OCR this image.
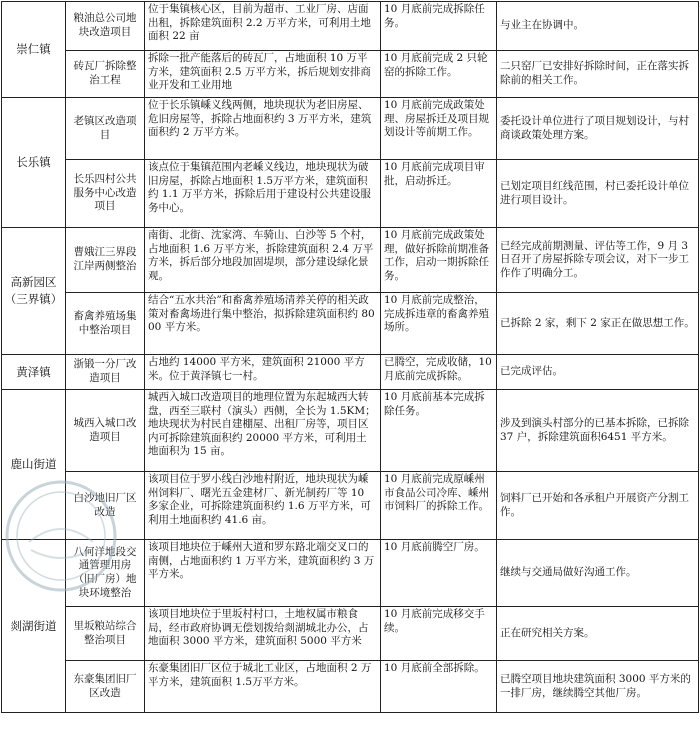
崇仁镇	粮油总公司地块改造项目	位于集镇核心区，目前为超市、工业厂房、店面出租，拆除建筑面积 2.2 万平方米，可利用土地面积 22 亩	10 月底前完成拆除任务。	与业主在协调中。
	砖瓦厂拆除整治工程	拆除一批产能落后的砖瓦厂，占地面积 10 万平方米，建筑面积 2.5 万平方米，拆后规划安排商业开发和工业用地	10 月底前完成 2 只轮窑的拆除工作。	二只窑厂已安排好拆除时间，正在落实拆除前的相关工作。
长乐镇	老镇区改造项目	位于长乐镇嵊义线两侧，地块现状为老旧房屋、危旧房屋等，拆除占地面积约 3 万平方米，建筑面积约 2 万平方米。	10 月底前完成政策处理、房屋拆迁及项目规划设计等前期工作。	委托设计单位进行了项目规划设计，与村商谈政策处理方案。
	长乐四村公共服务中心改造项目	该点位于集镇范围内老嵊义线边，地块现状为破旧房屋，拆除占地面积 1.5万平方米，建筑面积约 1.1 万平方米，拆除后用于建设村公共建设服务中心。	10 月底前完成项目审批，启动拆迁。	已划定项目红线范围，村已委托设计单位进行项目设计。
高新园区（三界镇）	曹娥江三界段江岸两侧整治	南街、北街、沈家湾、车骑山、白沙等 5 个村，占地面积 1.6 万平方米，拆除建筑面积 2.4 万平方米，拆后部分地段加固堤坝，部分建设绿化景观。	10 月底前完成政策处理，做好拆除前期准备工作，启动一期拆除任务。	已经完成前期测量、评估等工作，9 月 3 日召开了房屋拆除专项会议，对下一步工作作了明确分工。
	畜禽养殖场集中整治项目	结合“五水共治”和畜禽养殖场清养关停的相关政策对畜禽场进行集中整治，拟拆除建筑面积约 8000 平方米。	10 月底前完成整治，完成拆违章的畜禽养殖场所。	已拆除 2 家，剩下 2 家正在做思想工作。
黄泽镇	浙锻一分厂改造项目	占地约 14000 平方米，建筑面积 21000 平方米。位于黄泽镇七一村。	已腾空，完成收储，10 月底前完成拆除。	已完成评估。
鹿山街道	城西入城口改造项目	城西入城口改造项目的地理位置为东起城西大转盘，西至三联村（演头）西侧，全长为 1.5KM；地块现状为村民自建棚屋、出租厂房等，项目区内可拆除建筑面积约 20000 平方米，可利用土地面积为 15 亩。	10 月底前基本完成拆除任务。	涉及到演头村部分的已基本拆除，已拆除 37 户，拆除建筑面积6451 平方米。
	白沙地旧厂区改造	该项目位于罗小线白沙地村附近，地块现状为嵊州饲料厂、曙光五金建材厂、新光制药厂等 10 多家企业，可拆除建筑面积约 1.6 万平方米，可利用土地面积约 41.6 亩。	10 月底前完成原嵊州市食品公司冷库、嵊州市饲料厂的拆除工作。	饲料厂已开始和各承租户开展资产分割工作。
剡湖街道	八何洋地段交通管理用房（旧厂房）地块环境整治	该项目地块位于嵊州大道和罗东路北端交叉口的南侧，占地面积约 1 万平方米，建筑面积约 3 万平方米。	10 月底前腾空厂房。	继续与交通局做好沟通工作。
	里坂粮站综合整治项目	该项目地块位于里坂村村口，土地权属市粮食局，经市政府协调无偿划拨给剡湖城北办公，占地面积 3000 平方米，建筑面积 5000 平方米	10 月底前完成移交手续。	正在研究相关方案。
	东豪集团旧厂区改造	东豪集团旧厂区位于城北工业区，占地面积 2 万平方米，建筑面积 1.5万平方米。	10 月底前全部拆除。	已腾空项目地块建筑面积 3000 平方米的一排厂房，继续腾空其他厂房。
